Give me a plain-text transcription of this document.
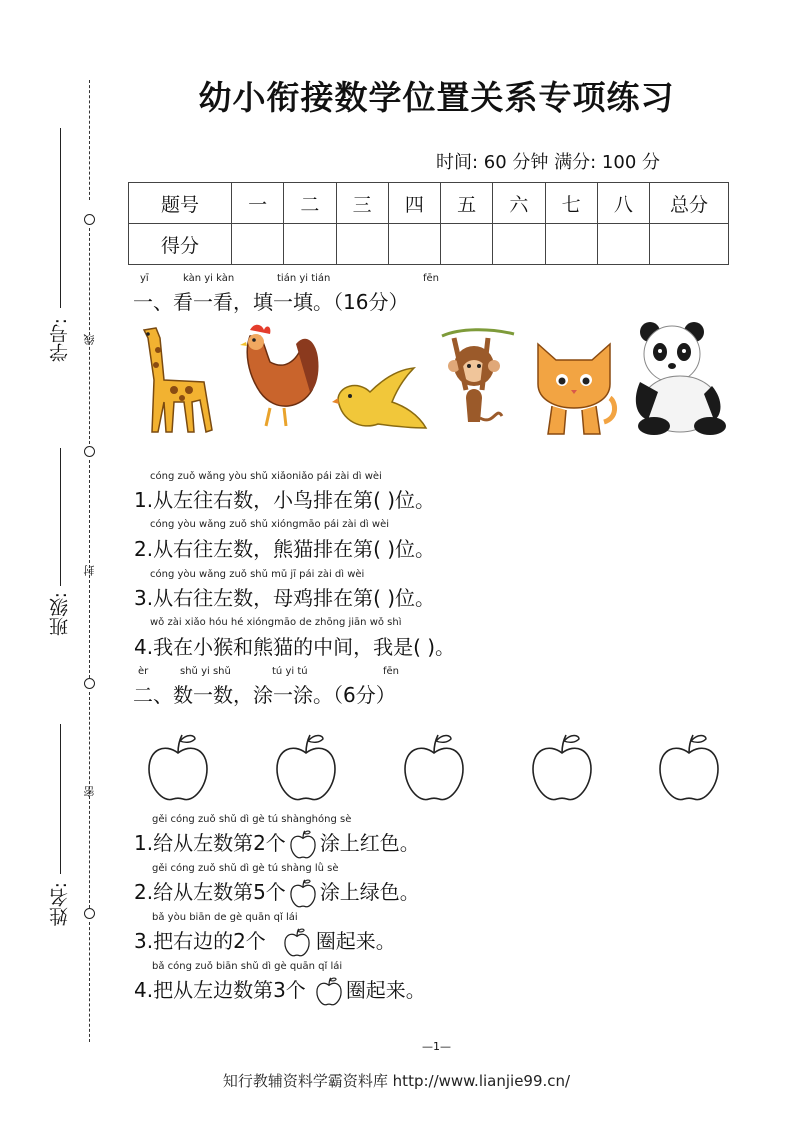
线
封
密
学号:
班级:
姓名:
幼小衔接数学位置关系专项练习
时间: 60 分钟 满分: 100 分
题号	一	二	三	四	五	六	七	八	总分
得分									
yī	kàn yi kàn	tián yi tián	fēn
一、看一看，填一填。（16分）
cóng zuǒ wǎng yòu shǔ xiǎoniǎo pái zài dì wèi
1.从左往右数，小鸟排在第( )位。
cóng yòu wǎng zuǒ shǔ xióngmāo pái zài dì wèi
2.从右往左数，熊猫排在第( )位。
cóng yòu wǎng zuǒ shǔ mǔ jī pái zài dì wèi
3.从右往左数，母鸡排在第( )位。
wǒ zài xiǎo hóu hé xióngmāo de zhōng jiān wǒ shì
4.我在小猴和熊猫的中间，我是( )。
èr	shǔ yi shǔ	tú yi tú	fēn
二、数一数，涂一涂。（6分）
gěi cóng zuǒ shǔ dì gè tú shànghóng sè
1.给从左数第2个 涂上红色。
gěi cóng zuǒ shǔ dì gè tú shàng lǜ sè
2.给从左数第5个 涂上绿色。
bǎ yòu biān de gè quān qǐ lái
3.把右边的2个	圈起来。
bǎ cóng zuǒ biān shǔ dì gè quān qǐ lái
4.把从左边数第3个 圈起来。
—1—
知行教辅资料学霸资料库 http://www.lianjie99.cn/
